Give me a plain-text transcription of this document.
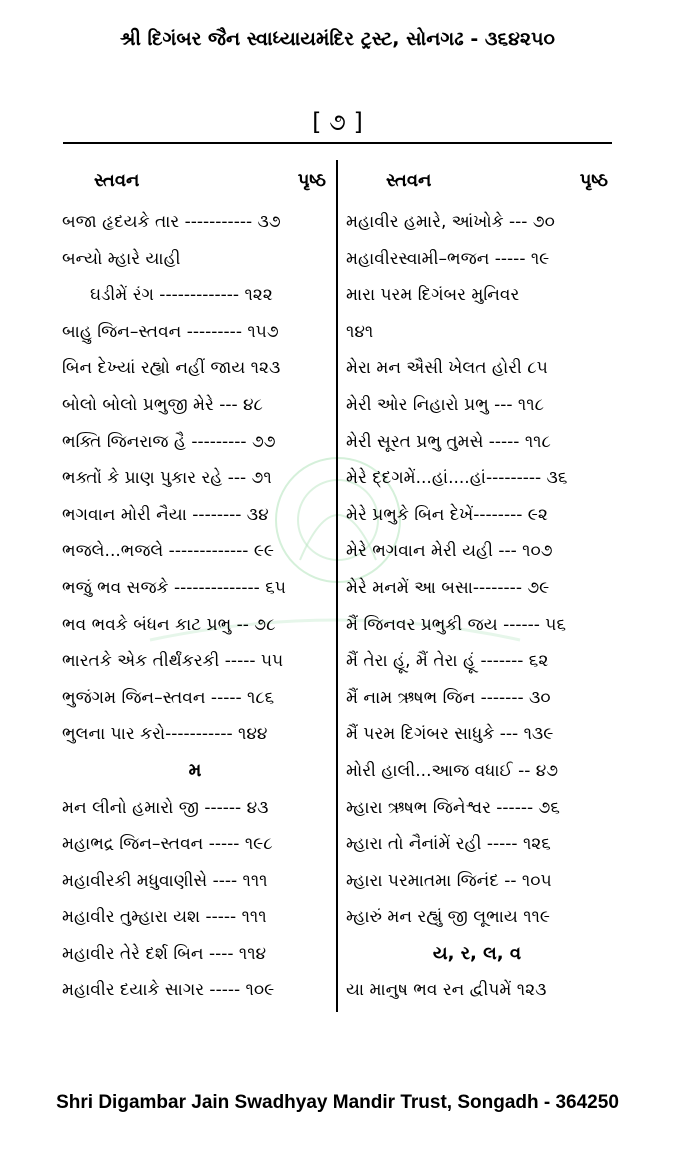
શ્રી દિગંબર જૈન સ્વાધ્યાયમંદિર ટ્રસ્ટ, સોનગઢ - ૩૬૪૨૫૦
[ ૭ ]
સ્તવન	પૃષ્ઠ
બજા હૃદયકે તાર ----------- ૩૭
બન્યો મ્હારે યાહી
ઘડીમેં રંગ ------------- ૧૨૨
બાહુ જિન–સ્તવન --------- ૧૫૭
બિન દેખ્યાં રહ્યો નહીં જાય ૧૨૩
બોલો બોલો પ્રભુજી મેરે --- ૪૮
ભક્તિ જિનરાજ હૈ --------- ૭૭
ભક્તોં કે પ્રાણ પુકાર રહે --- ૭૧
ભગવાન મોરી નૈયા -------- ૩૪
ભજલે...ભજલે ------------- ૯૯
ભજું ભવ સજકે -------------- ૬૫
ભવ ભવકે બંધન કાટ પ્રભુ -- ૭૮
ભારતકે એક તીર્થંકરકી ----- ૫૫
ભુજંગમ જિન–સ્તવન ----- ૧૮૬
ભુલના પાર કરો----------- ૧૪૪
મ
મન લીનો હમારો જી ------ ૪૩
મહાભદ્ર જિન–સ્તવન ----- ૧૯૮
મહાવીરકી મધુવાણીસે ---- ૧૧૧
મહાવીર તુમ્હારા યશ ----- ૧૧૧
મહાવીર તેરે દર્શ બિન ---- ૧૧૪
મહાવીર દયાકે સાગર ----- ૧૦૯
સ્તવન	પૃષ્ઠ
મહાવીર હમારે, આંખોકે --- ૭૦
મહાવીરસ્વામી–ભજન ----- ૧૯
મારા પરમ દિગંબર મુનિવર
૧૪૧
મેરા મન ઐસી ખેલત હોરી ૮૫
મેરી ઓર નિહારો પ્રભુ --- ૧૧૮
મેરી સૂરત પ્રભુ તુમસે ----- ૧૧૮
મેરે દ્દગમેં...હાં....હાં--------- ૩૬
મેરે પ્રભુકે બિન દેખેં-------- ૯૨
મેરે ભગવાન મેરી યહી --- ૧૦૭
મેરે મનમેં આ બસા-------- ૭૯
મૈં જિનવર પ્રભુકી જય ------ ૫૬
મૈં તેરા હૂં, મૈં તેરા હૂં ------- ૬૨
મૈં નામ ઋષભ જિન ------- ૩૦
મૈં પરમ દિગંબર સાધુકે --- ૧૩૯
મોરી હાલી...આજ વધાઈ -- ૪૭
મ્હારા ઋષભ જિનેશ્વર ------ ૭૬
મ્હારા તો નૈનાંમેં રહી ----- ૧૨૬
મ્હારા પરમાતમા જિનંદ -- ૧૦૫
મ્હારું મન રહ્યું જી લૂભાય ૧૧૯
ય, ર, લ, વ
યા માનુષ ભવ રન દ્વીપમેં ૧૨૩
Shri Digambar Jain Swadhyay Mandir Trust, Songadh - 364250
